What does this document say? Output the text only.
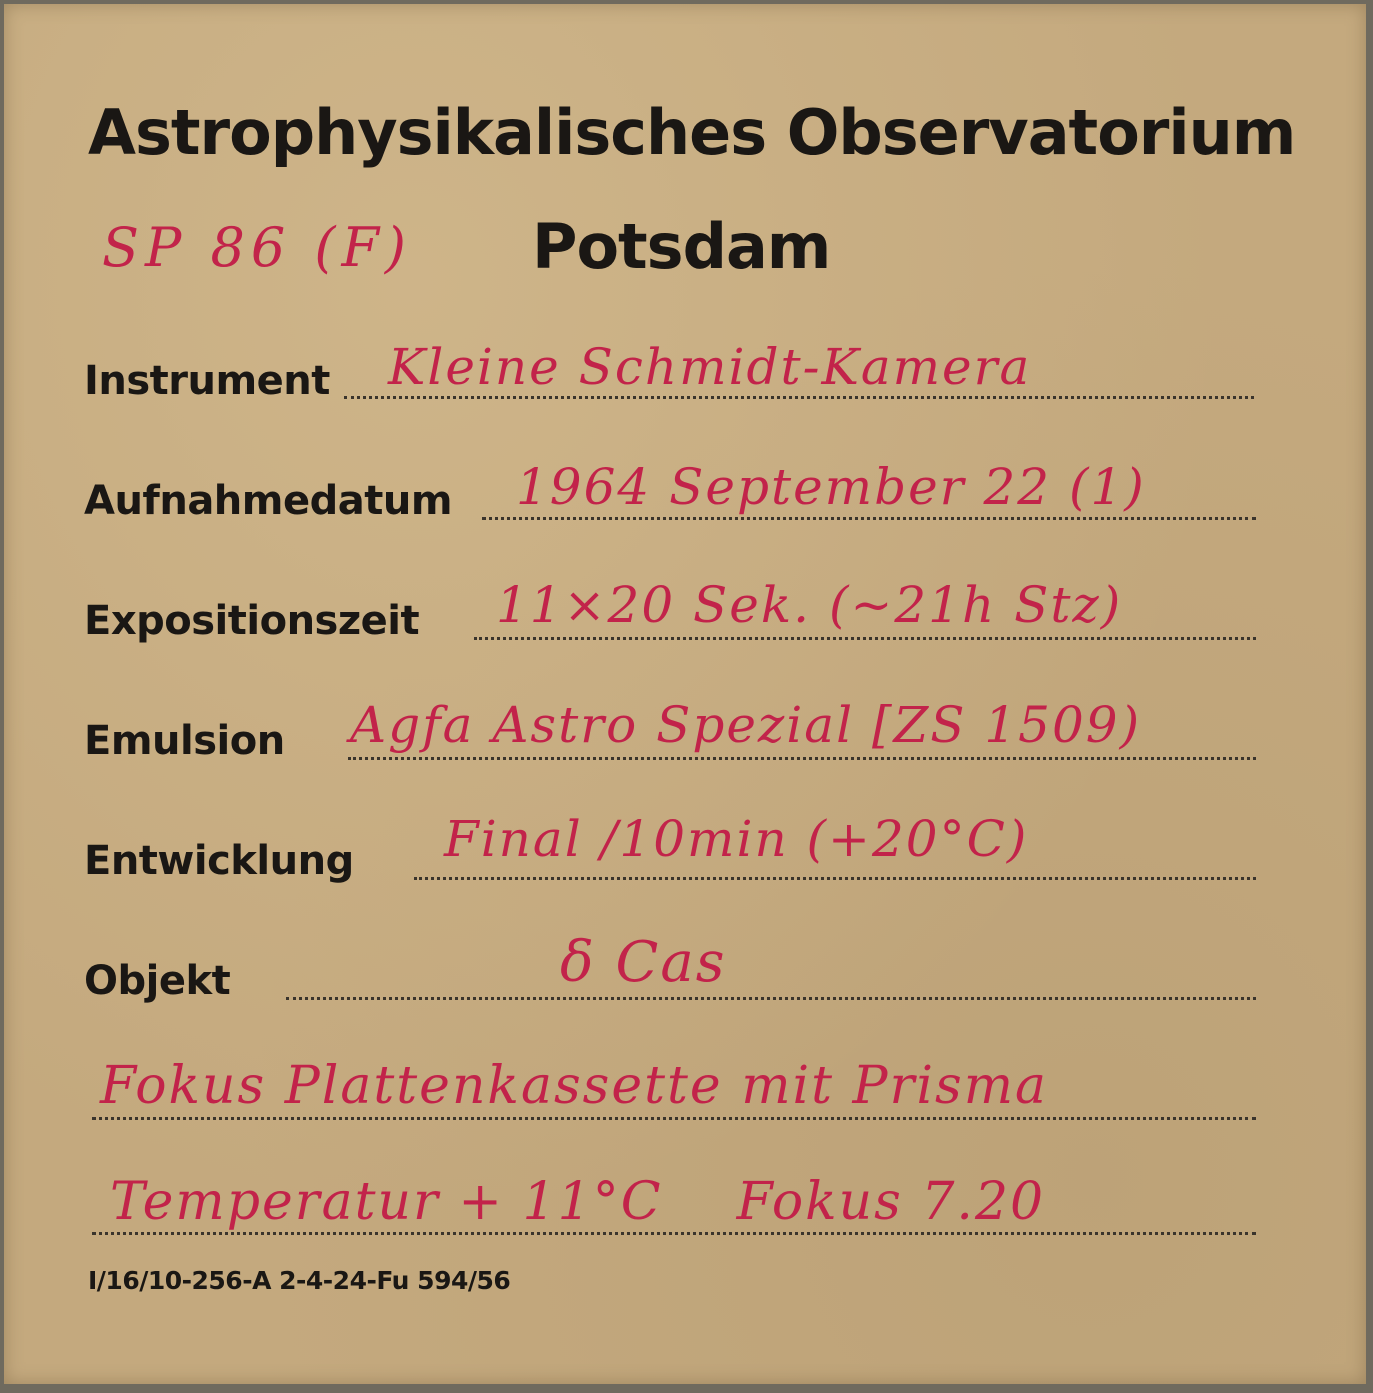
Astrophysikalisches Observatorium
Potsdam
SP 86 (F)
Instrument Kleine Schmidt-Kamera
Aufnahmedatum 1964 September 22 (1)
Expositionszeit 11×20 Sek. (~21h Stz)
Emulsion Agfa Astro Spezial [ZS 1509)
Entwicklung Final /10min (+20°C)
Objekt	δ Cas
Fokus Plattenkassette mit Prisma
Temperatur + 11°C    Fokus 7.20
I/16/10-256-A 2-4-24-Fu 594/56
